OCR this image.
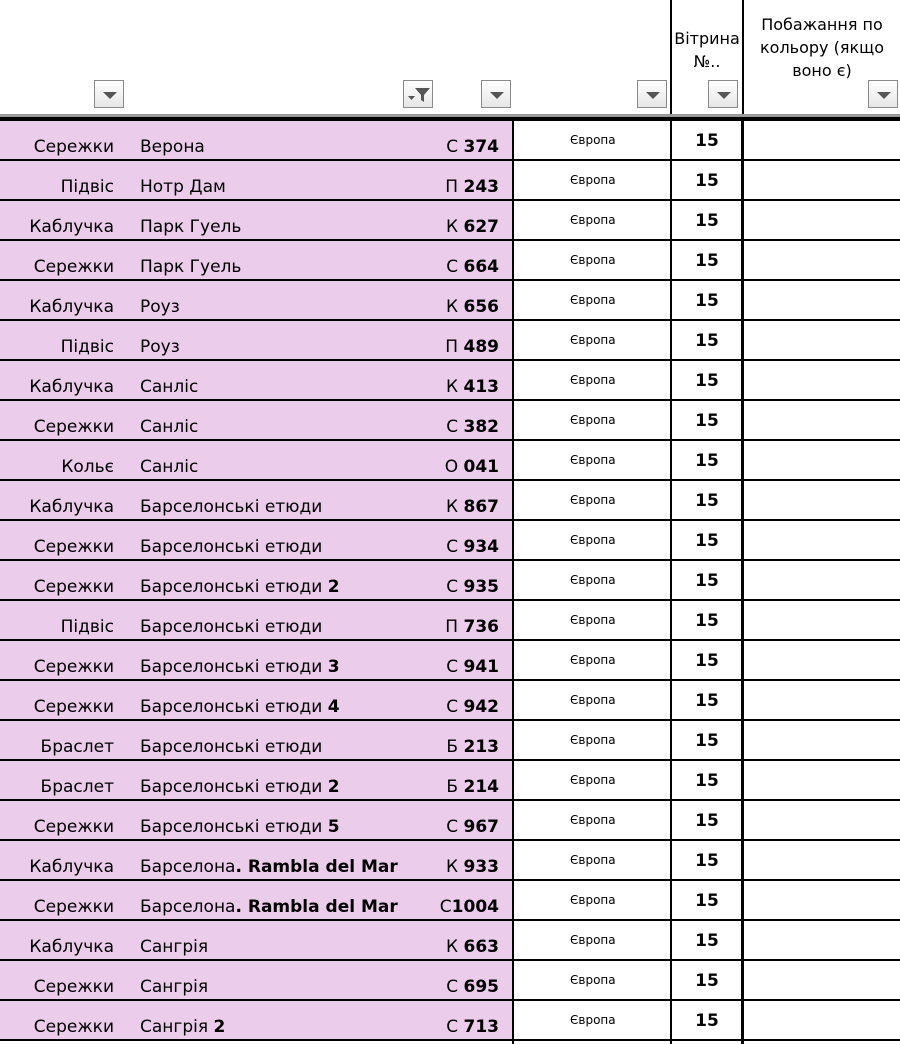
Вітрина №..
Побажання по кольору (якщо воно є)
Сережки Верона	С 374	Європа	15
Підвіс Нотр Дам	П 243	Європа	15
Каблучка Парк Гуель	К 627	Європа	15
Сережки Парк Гуель	С 664	Європа	15
Каблучка Роуз	К 656	Європа	15
Підвіс Роуз	П 489	Європа	15
Каблучка Санліс	К 413	Європа	15
Сережки Санліс	С 382	Європа	15
Кольє Санліс	О 041	Європа	15
Каблучка Барселонські етюди	К 867	Європа	15
Сережки Барселонські етюди	С 934	Європа	15
Сережки Барселонські етюди 2	С 935	Європа	15
Підвіс Барселонські етюди	П 736	Європа	15
Сережки Барселонські етюди 3	С 941	Європа	15
Сережки Барселонські етюди 4	С 942	Європа	15
Браслет Барселонські етюди	Б 213	Європа	15
Браслет Барселонські етюди 2	Б 214	Європа	15
Сережки Барселонські етюди 5	С 967	Європа	15
Каблучка Барселона. Rambla del Mar	К 933	Європа	15
Сережки Барселона. Rambla del Mar С1004	Європа	15
Каблучка Сангрія	К 663	Європа	15
Сережки Сангрія	С 695	Європа	15
Сережки Сангрія 2	С 713	Європа	15
